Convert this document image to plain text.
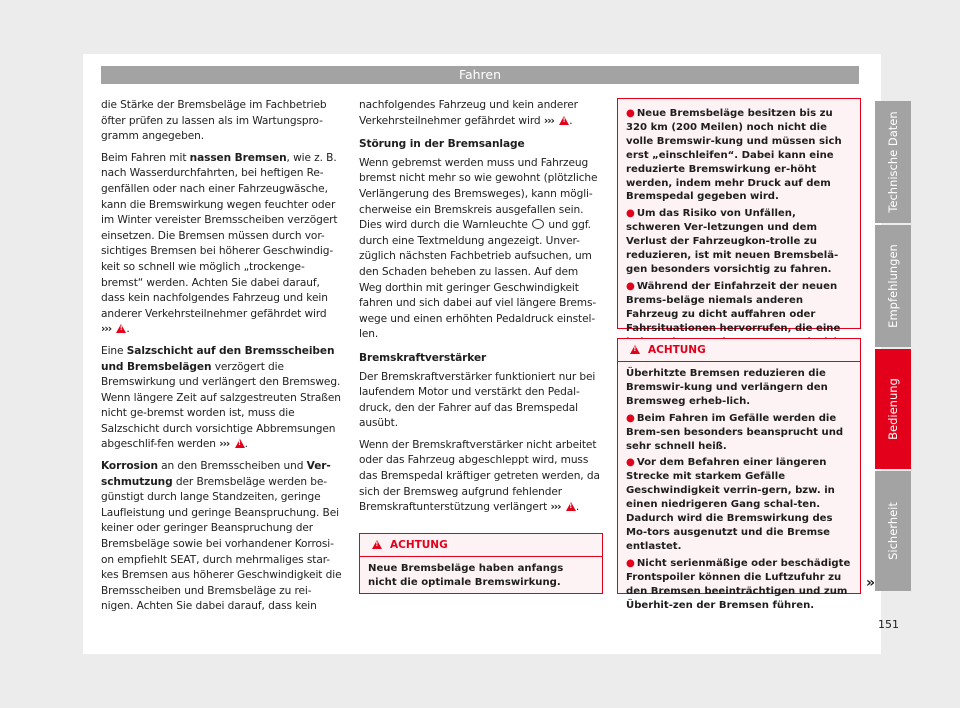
Fahren

die Stärke der Bremsbeläge im Fachbetrieb öfter prüfen zu lassen als im Wartungspro-gramm angegeben.

Beim Fahren mit nassen Bremsen, wie z. B. nach Wasserdurchfahrten, bei heftigen Re-genfällen oder nach einer Fahrzeugwäsche, kann die Bremswirkung wegen feuchter oder im Winter vereister Bremsscheiben verzögert einsetzen. Die Bremsen müssen durch vor-sichtiges Bremsen bei höherer Geschwindig-keit so schnell wie möglich „trockenge-bremst“ werden. Achten Sie dabei darauf, dass kein nachfolgendes Fahrzeug und kein anderer Verkehrsteilnehmer gefährdet wird
››› ! .

Eine Salzschicht auf den Bremsscheiben und Bremsbelägen verzögert die Bremswirkung und verlängert den Bremsweg. Wenn längere Zeit auf salzgestreuten Straßen nicht ge-bremst worden ist, muss die Salzschicht durch vorsichtige Abbremsungen abgeschlif-fen werden ››› ! .

Korrosion an den Bremsscheiben und Ver-schmutzung der Bremsbeläge werden be-günstigt durch lange Standzeiten, geringe Laufleistung und geringe Beanspruchung. Bei keiner oder geringer Beanspruchung der Bremsbeläge sowie bei vorhandener Korrosi-on empfiehlt SEAT, durch mehrmaliges star-kes Bremsen aus höherer Geschwindigkeit die Bremsscheiben und Bremsbeläge zu rei-nigen. Achten Sie dabei darauf, dass kein

nachfolgendes Fahrzeug und kein anderer Verkehrsteilnehmer gefährdet wird ››› ! .

Störung in der Bremsanlage

Wenn gebremst werden muss und Fahrzeug bremst nicht mehr so wie gewohnt (plötzliche Verlängerung des Bremsweges), kann mögli-cherweise ein Bremskreis ausgefallen sein. Dies wird durch die Warnleuchte und ggf. durch eine Textmeldung angezeigt. Unver-züglich nächsten Fachbetrieb aufsuchen, um den Schaden beheben zu lassen. Auf dem Weg dorthin mit geringer Geschwindigkeit fahren und sich dabei auf viel längere Brems-wege und einen erhöhten Pedaldruck einstel-len.

Bremskraftverstärker

Der Bremskraftverstärker funktioniert nur bei laufendem Motor und verstärkt den Pedal-druck, den der Fahrer auf das Bremspedal ausübt.

Wenn der Bremskraftverstärker nicht arbeitet oder das Fahrzeug abgeschleppt wird, muss das Bremspedal kräftiger getreten werden, da sich der Bremsweg aufgrund fehlender Bremskraftunterstützung verlängert ››› ! .

!
ACHTUNG
Neue Bremsbeläge haben anfangs nicht die optimale Bremswirkung.

● Neue Bremsbeläge besitzen bis zu 320 km (200 Meilen) noch nicht die volle Bremswir-kung und müssen sich erst „einschleifen“. Dabei kann eine reduzierte Bremswirkung er-höht werden, indem mehr Druck auf dem Bremspedal gegeben wird.

● Um das Risiko von Unfällen, schweren Ver-letzungen und dem Verlust der Fahrzeugkon-trolle zu reduzieren, ist mit neuen Bremsbelä-gen besonders vorsichtig zu fahren.

● Während der Einfahrzeit der neuen Brems-beläge niemals anderen Fahrzeug zu dicht auffahren oder Fahrsituationen hervorrufen, die eine

!
ACHTUNG

Überhitzte Bremsen reduzieren die Bremswir-kung und verlängern den Bremsweg erheb-lich.

● Beim Fahren im Gefälle werden die Brem-sen besonders beansprucht und sehr schnell heiß.

● Vor dem Befahren einer längeren Strecke mit starkem Gefälle Geschwindigkeit verrin-gern, bzw. in einen niedrigeren Gang schal-ten. Dadurch wird die Bremswirkung des Mo-tors ausgenutzt und die Bremse entlastet.

● Nicht serienmäßige oder beschädigte Frontspoiler können die Luftzufuhr zu den Bremsen beeinträchtigen und zum Überhit-zen der Bremsen führen.

»
Technische Daten
Empfehlungen
Bedienung
Sicherheit
151
